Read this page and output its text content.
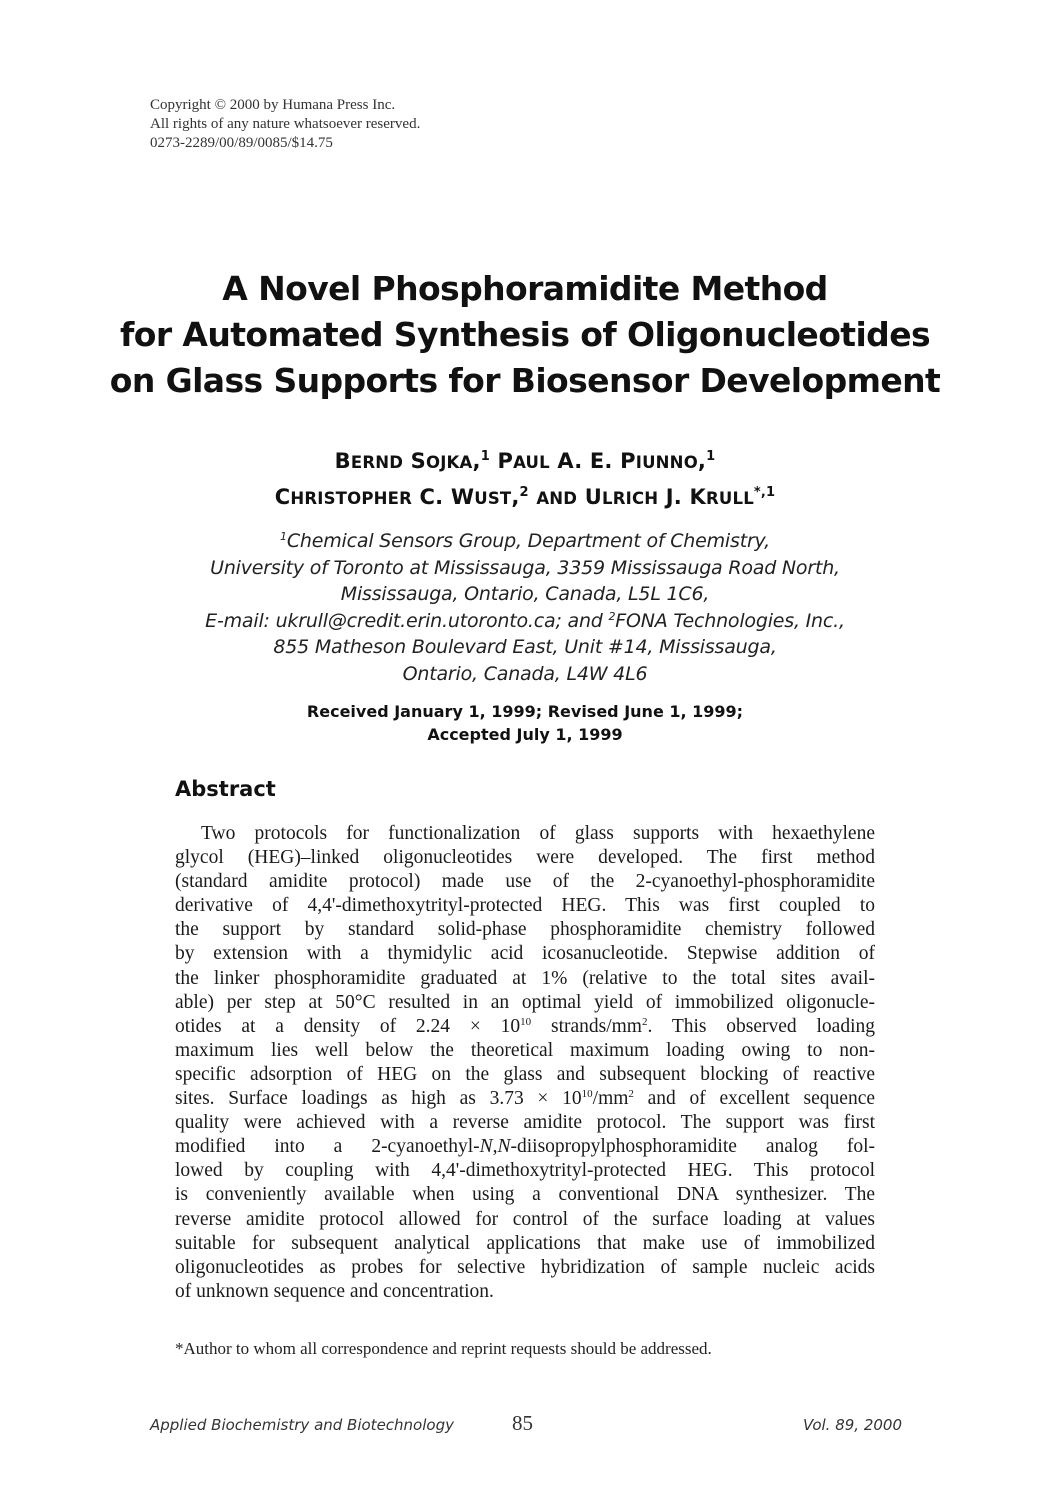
Copyright © 2000 by Humana Press Inc.
All rights of any nature whatsoever reserved.
0273-2289/00/89/0085/$14.75
A Novel Phosphoramidite Method
for Automated Synthesis of Oligonucleotides
on Glass Supports for Biosensor Development
BERND SOJKA,$^1$ PAUL A. E. PIUNNO,$^1$
CHRISTOPHER C. WUST,$^2$ AND ULRICH J. $KRULL^{*,1}$
$^1$Chemical Sensors Group, Department of Chemistry,
University of Toronto at Mississauga, 3359 Mississauga Road North,
Mississauga, Ontario, Canada, L5L 1C6,
E-mail: ukrull@credit.erin.utoronto.ca; and $^2$FONA Technologies, Inc.,
855 Matheson Boulevard East, Unit #14, Mississauga,
Ontario, Canada, L4W 4L6
Received January 1, 1999; Revised June 1, 1999;
Accepted July 1, 1999
Abstract
Two protocols for functionalization of glass supports with hexaethylene
glycol (HEG)–linked oligonucleotides were developed. The first method
(standard amidite protocol) made use of the 2-cyanoethyl-phosphoramidite
derivative of 4,4'-dimethoxytrityl-protected HEG. This was first coupled to
the support by standard solid-phase phosphoramidite chemistry followed
by extension with a thymidylic acid icosanucleotide. Stepwise addition of
the linker phosphoramidite graduated at 1% (relative to the total sites avail-
able) per step at 50°C resulted in an optimal yield of immobilized oligonucle-
otides at a density of $2.24 \times 10^{10}$ strands/$mm^2$. This observed loading
maximum lies well below the theoretical maximum loading owing to non-
specific adsorption of HEG on the glass and subsequent blocking of reactive
sites. Surface loadings as high as $3.73 \times 10^{10}/mm^2$ and of excellent sequence
quality were achieved with a reverse amidite protocol. The support was first
modified into a 2-cyanoethyl-N,N-diisopropylphosphoramidite analog fol-
lowed by coupling with 4,4'-dimethoxytrityl-protected HEG. This protocol
is conveniently available when using a conventional DNA synthesizer. The
reverse amidite protocol allowed for control of the surface loading at values
suitable for subsequent analytical applications that make use of immobilized
oligonucleotides as probes for selective hybridization of sample nucleic acids
of unknown sequence and concentration.
*Author to whom all correspondence and reprint requests should be addressed.
Applied Biochemistry and Biotechnology	85	Vol. 89, 2000
